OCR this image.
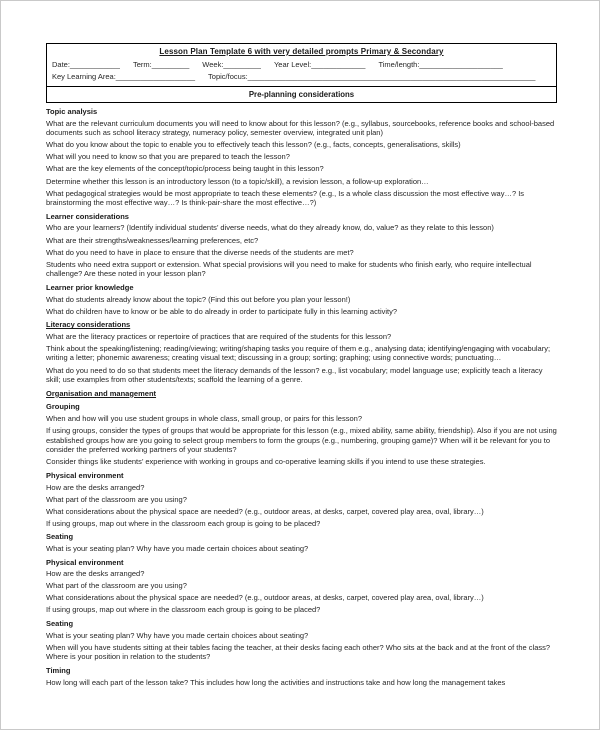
Lesson Plan Template 6 with very detailed prompts Primary & Secondary
Date:____________ Term:_________ Week:_________ Year Level:_____________ Time/length:____________________
Key Learning Area:___________________ Topic/focus:_____________________________________________________________________
Pre-planning considerations
Topic analysis

What are the relevant curriculum documents you will need to know about for this lesson? (e.g., syllabus, sourcebooks, reference books and school-based documents such as school literacy strategy, numeracy policy, semester overview, integrated unit plan)

What do you know about the topic to enable you to effectively teach this lesson? (e.g., facts, concepts, generalisations, skills)

What will you need to know so that you are prepared to teach the lesson?

What are the key elements of the concept/topic/process being taught in this lesson?

Determine whether this lesson is an introductory lesson (to a topic/skill), a revision lesson, a follow-up exploration…

What pedagogical strategies would be most appropriate to teach these elements? (e.g., Is a whole class discussion the most effective way…? Is brainstorming the most effective way…? Is think-pair-share the most effective…?)

Learner considerations

Who are your learners? (Identify individual students’ diverse needs, what do they already know, do, value? as they relate to this lesson)

What are their strengths/weaknesses/learning preferences, etc?

What do you need to have in place to ensure that the diverse needs of the students are met?

Students who need extra support or extension. What special provisions will you need to make for students who finish early, who require intellectual challenge? Are these noted in your lesson plan?

Learner prior knowledge

What do students already know about the topic? (Find this out before you plan your lesson!)

What do children have to know or be able to do already in order to participate fully in this learning activity?

Literacy considerations

What are the literacy practices or repertoire of practices that are required of the students for this lesson?

Think about the speaking/listening; reading/viewing; writing/shaping tasks you require of them e.g., analysing data; identifying/engaging with vocabulary; writing a letter; phonemic awareness; creating visual text; discussing in a group; sorting; graphing; using connective words; punctuating…

What do you need to do so that students meet the literacy demands of the lesson? e.g., list vocabulary; model language use; explicitly teach a literacy skill; use examples from other students/texts; scaffold the learning of a genre.

Organisation and management
Grouping

When and how will you use student groups in whole class, small group, or pairs for this lesson?

If using groups, consider the types of groups that would be appropriate for this lesson (e.g., mixed ability, same ability, friendship). Also if you are not using established groups how are you going to select group members to form the groups (e.g., numbering, grouping game)? When will it be relevant for you to consider the preferred working partners of your students?

Consider things like students’ experience with working in groups and co-operative learning skills if you intend to use these strategies.

Physical environment

How are the desks arranged?

What part of the classroom are you using?

What considerations about the physical space are needed? (e.g., outdoor areas, at desks, carpet, covered play area, oval, library…)

If using groups, map out where in the classroom each group is going to be placed?

Seating

What is your seating plan? Why have you made certain choices about seating?

Physical environment

How are the desks arranged?

What part of the classroom are you using?

What considerations about the physical space are needed? (e.g., outdoor areas, at desks, carpet, covered play area, oval, library…)

If using groups, map out where in the classroom each group is going to be placed?

Seating

What is your seating plan? Why have you made certain choices about seating?

When will you have students sitting at their tables facing the teacher, at their desks facing each other? Who sits at the back and at the front of the class? Where is your position in relation to the students?

Timing

How long will each part of the lesson take? This includes how long the activities and instructions take and how long the management takes
